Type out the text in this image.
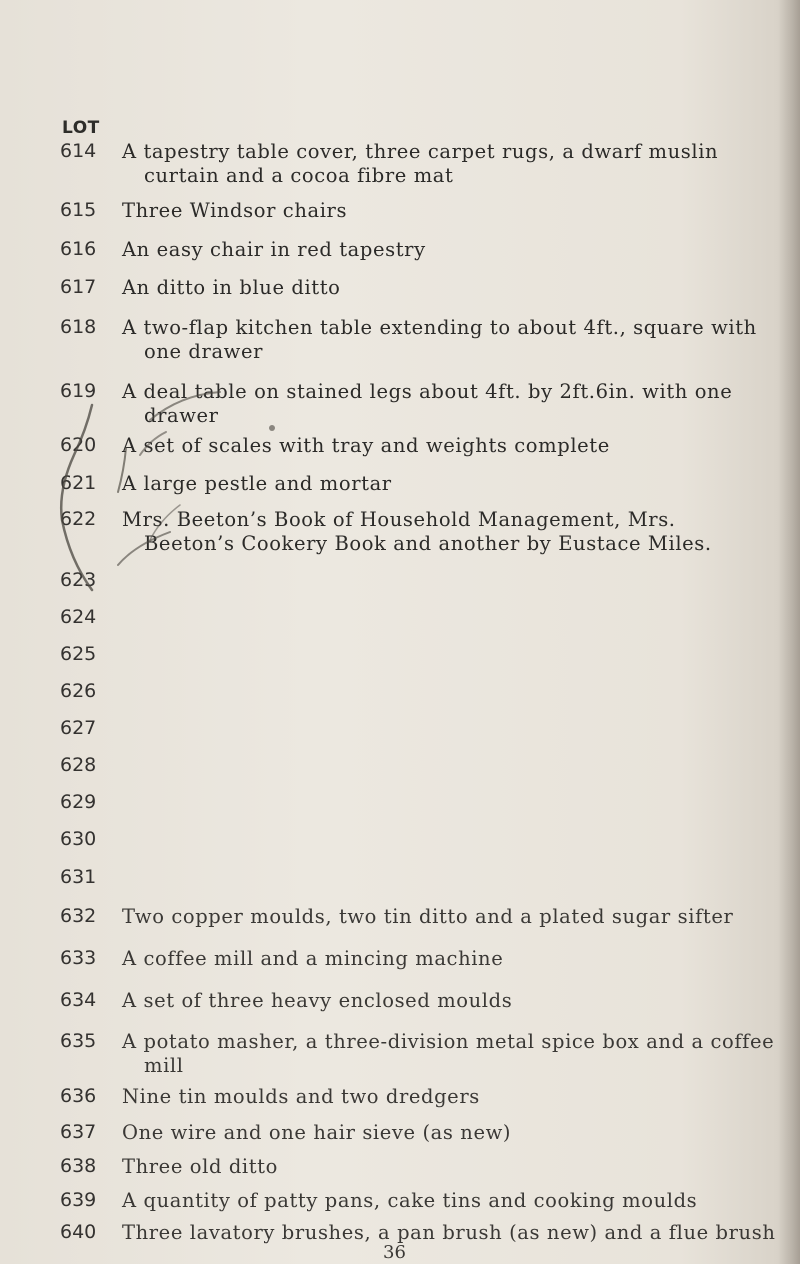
LOT
614 A tapestry table cover, three carpet rugs, a dwarf muslin
curtain and a cocoa fibre mat
615 Three Windsor chairs
616 An easy chair in red tapestry
617 An ditto in blue ditto
618 A two-flap kitchen table extending to about 4ft., square with
one drawer
619 A deal table on stained legs about 4ft. by 2ft.6in. with one
drawer
620 A set of scales with tray and weights complete
621 A large pestle and mortar
622 Mrs. Beeton’s Book of Household Management, Mrs.
Beeton’s Cookery Book and another by Eustace Miles.
623
624
625
626
627
628
629
630
631
632 Two copper moulds, two tin ditto and a plated sugar sifter
633 A coffee mill and a mincing machine
634 A set of three heavy enclosed moulds
635 A potato masher, a three-division metal spice box and a coffee
mill
636 Nine tin moulds and two dredgers
637 One wire and one hair sieve (as new)
638 Three old ditto
639 A quantity of patty pans, cake tins and cooking moulds
640 Three lavatory brushes, a pan brush (as new) and a flue brush
36
